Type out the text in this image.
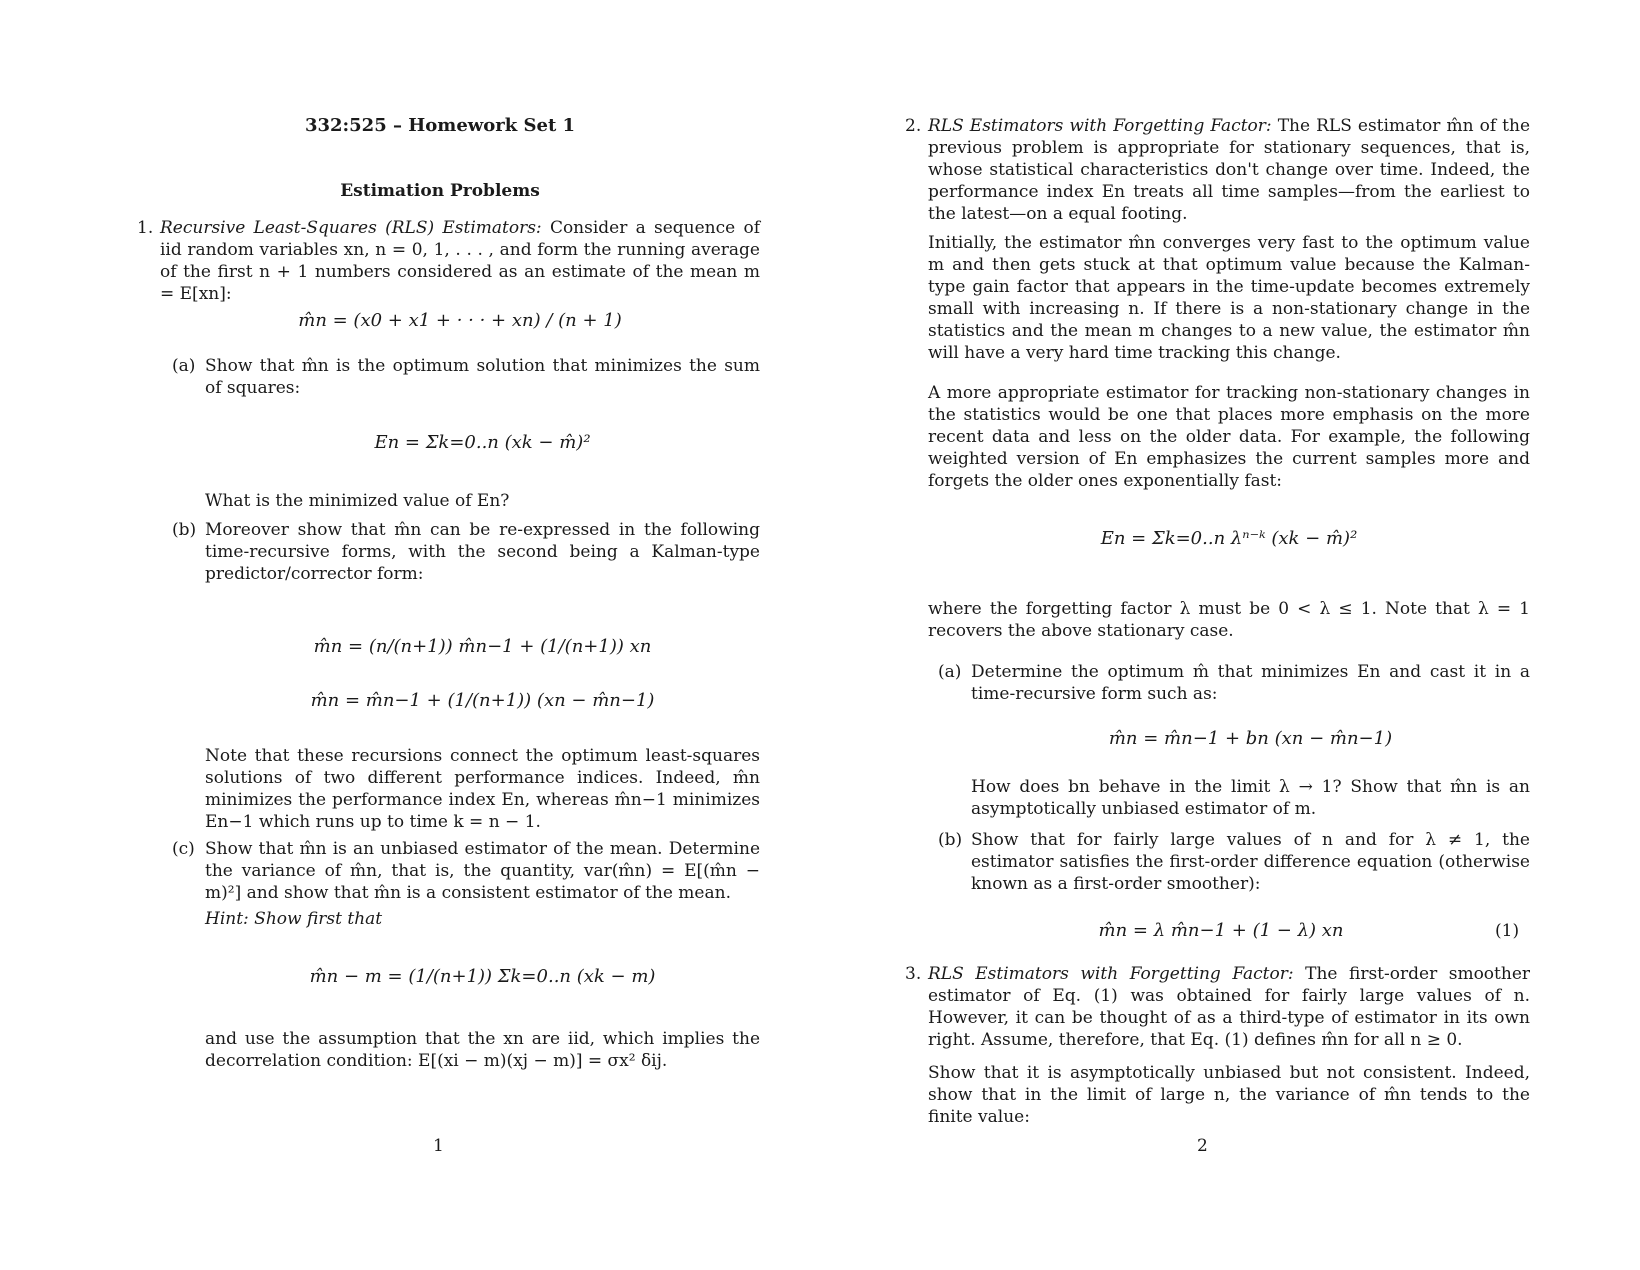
332:525 – Homework Set 1
Estimation Problems
1. Recursive Least-Squares (RLS) Estimators: Consider a sequence of iid random variables xn, n = 0, 1, . . . , and form the running average of the first n + 1 numbers considered as an estimate of the mean m = E[xn]:
m̂n = (x0 + x1 + · · · + xn) / (n + 1)
(a) Show that m̂n is the optimum solution that minimizes the sum of squares:
En = Σk=0..n (xk − m̂)²
What is the minimized value of En?
(b) Moreover show that m̂n can be re-expressed in the following time-recursive forms, with the second being a Kalman-type predictor/corrector form:
m̂n = (n/(n+1)) m̂n−1 + (1/(n+1)) xn
m̂n = m̂n−1 + (1/(n+1)) (xn − m̂n−1)
Note that these recursions connect the optimum least-squares solutions of two different performance indices. Indeed, m̂n minimizes the performance index En, whereas m̂n−1 minimizes En−1 which runs up to time k = n − 1.
(c) Show that m̂n is an unbiased estimator of the mean. Determine the variance of m̂n, that is, the quantity, var(m̂n) = E[(m̂n − m)²] and show that m̂n is a consistent estimator of the mean.
Hint: Show first that
m̂n − m = (1/(n+1)) Σk=0..n (xk − m)
and use the assumption that the xn are iid, which implies the decorrelation condition: E[(xi − m)(xj − m)] = σx² δij.
1
2. RLS Estimators with Forgetting Factor: The RLS estimator m̂n of the previous problem is appropriate for stationary sequences, that is, whose statistical characteristics don't change over time. Indeed, the performance index En treats all time samples—from the earliest to the latest—on a equal footing.
Initially, the estimator m̂n converges very fast to the optimum value m and then gets stuck at that optimum value because the Kalman-type gain factor that appears in the time-update becomes extremely small with increasing n. If there is a non-stationary change in the statistics and the mean m changes to a new value, the estimator m̂n will have a very hard time tracking this change.
A more appropriate estimator for tracking non-stationary changes in the statistics would be one that places more emphasis on the more recent data and less on the older data. For example, the following weighted version of En emphasizes the current samples more and forgets the older ones exponentially fast:
En = Σk=0..n λⁿ⁻ᵏ (xk − m̂)²
where the forgetting factor λ must be 0 < λ ≤ 1. Note that λ = 1 recovers the above stationary case.
(a) Determine the optimum m̂ that minimizes En and cast it in a time-recursive form such as:
m̂n = m̂n−1 + bn (xn − m̂n−1)
How does bn behave in the limit λ → 1? Show that m̂n is an asymptotically unbiased estimator of m.
(b) Show that for fairly large values of n and for λ ≠ 1, the estimator satisfies the first-order difference equation (otherwise known as a first-order smoother):
m̂n = λ m̂n−1 + (1 − λ) xn	(1)
3. RLS Estimators with Forgetting Factor: The first-order smoother estimator of Eq. (1) was obtained for fairly large values of n. However, it can be thought of as a third-type of estimator in its own right. Assume, therefore, that Eq. (1) defines m̂n for all n ≥ 0.
Show that it is asymptotically unbiased but not consistent. Indeed, show that in the limit of large n, the variance of m̂n tends to the finite value:
2
